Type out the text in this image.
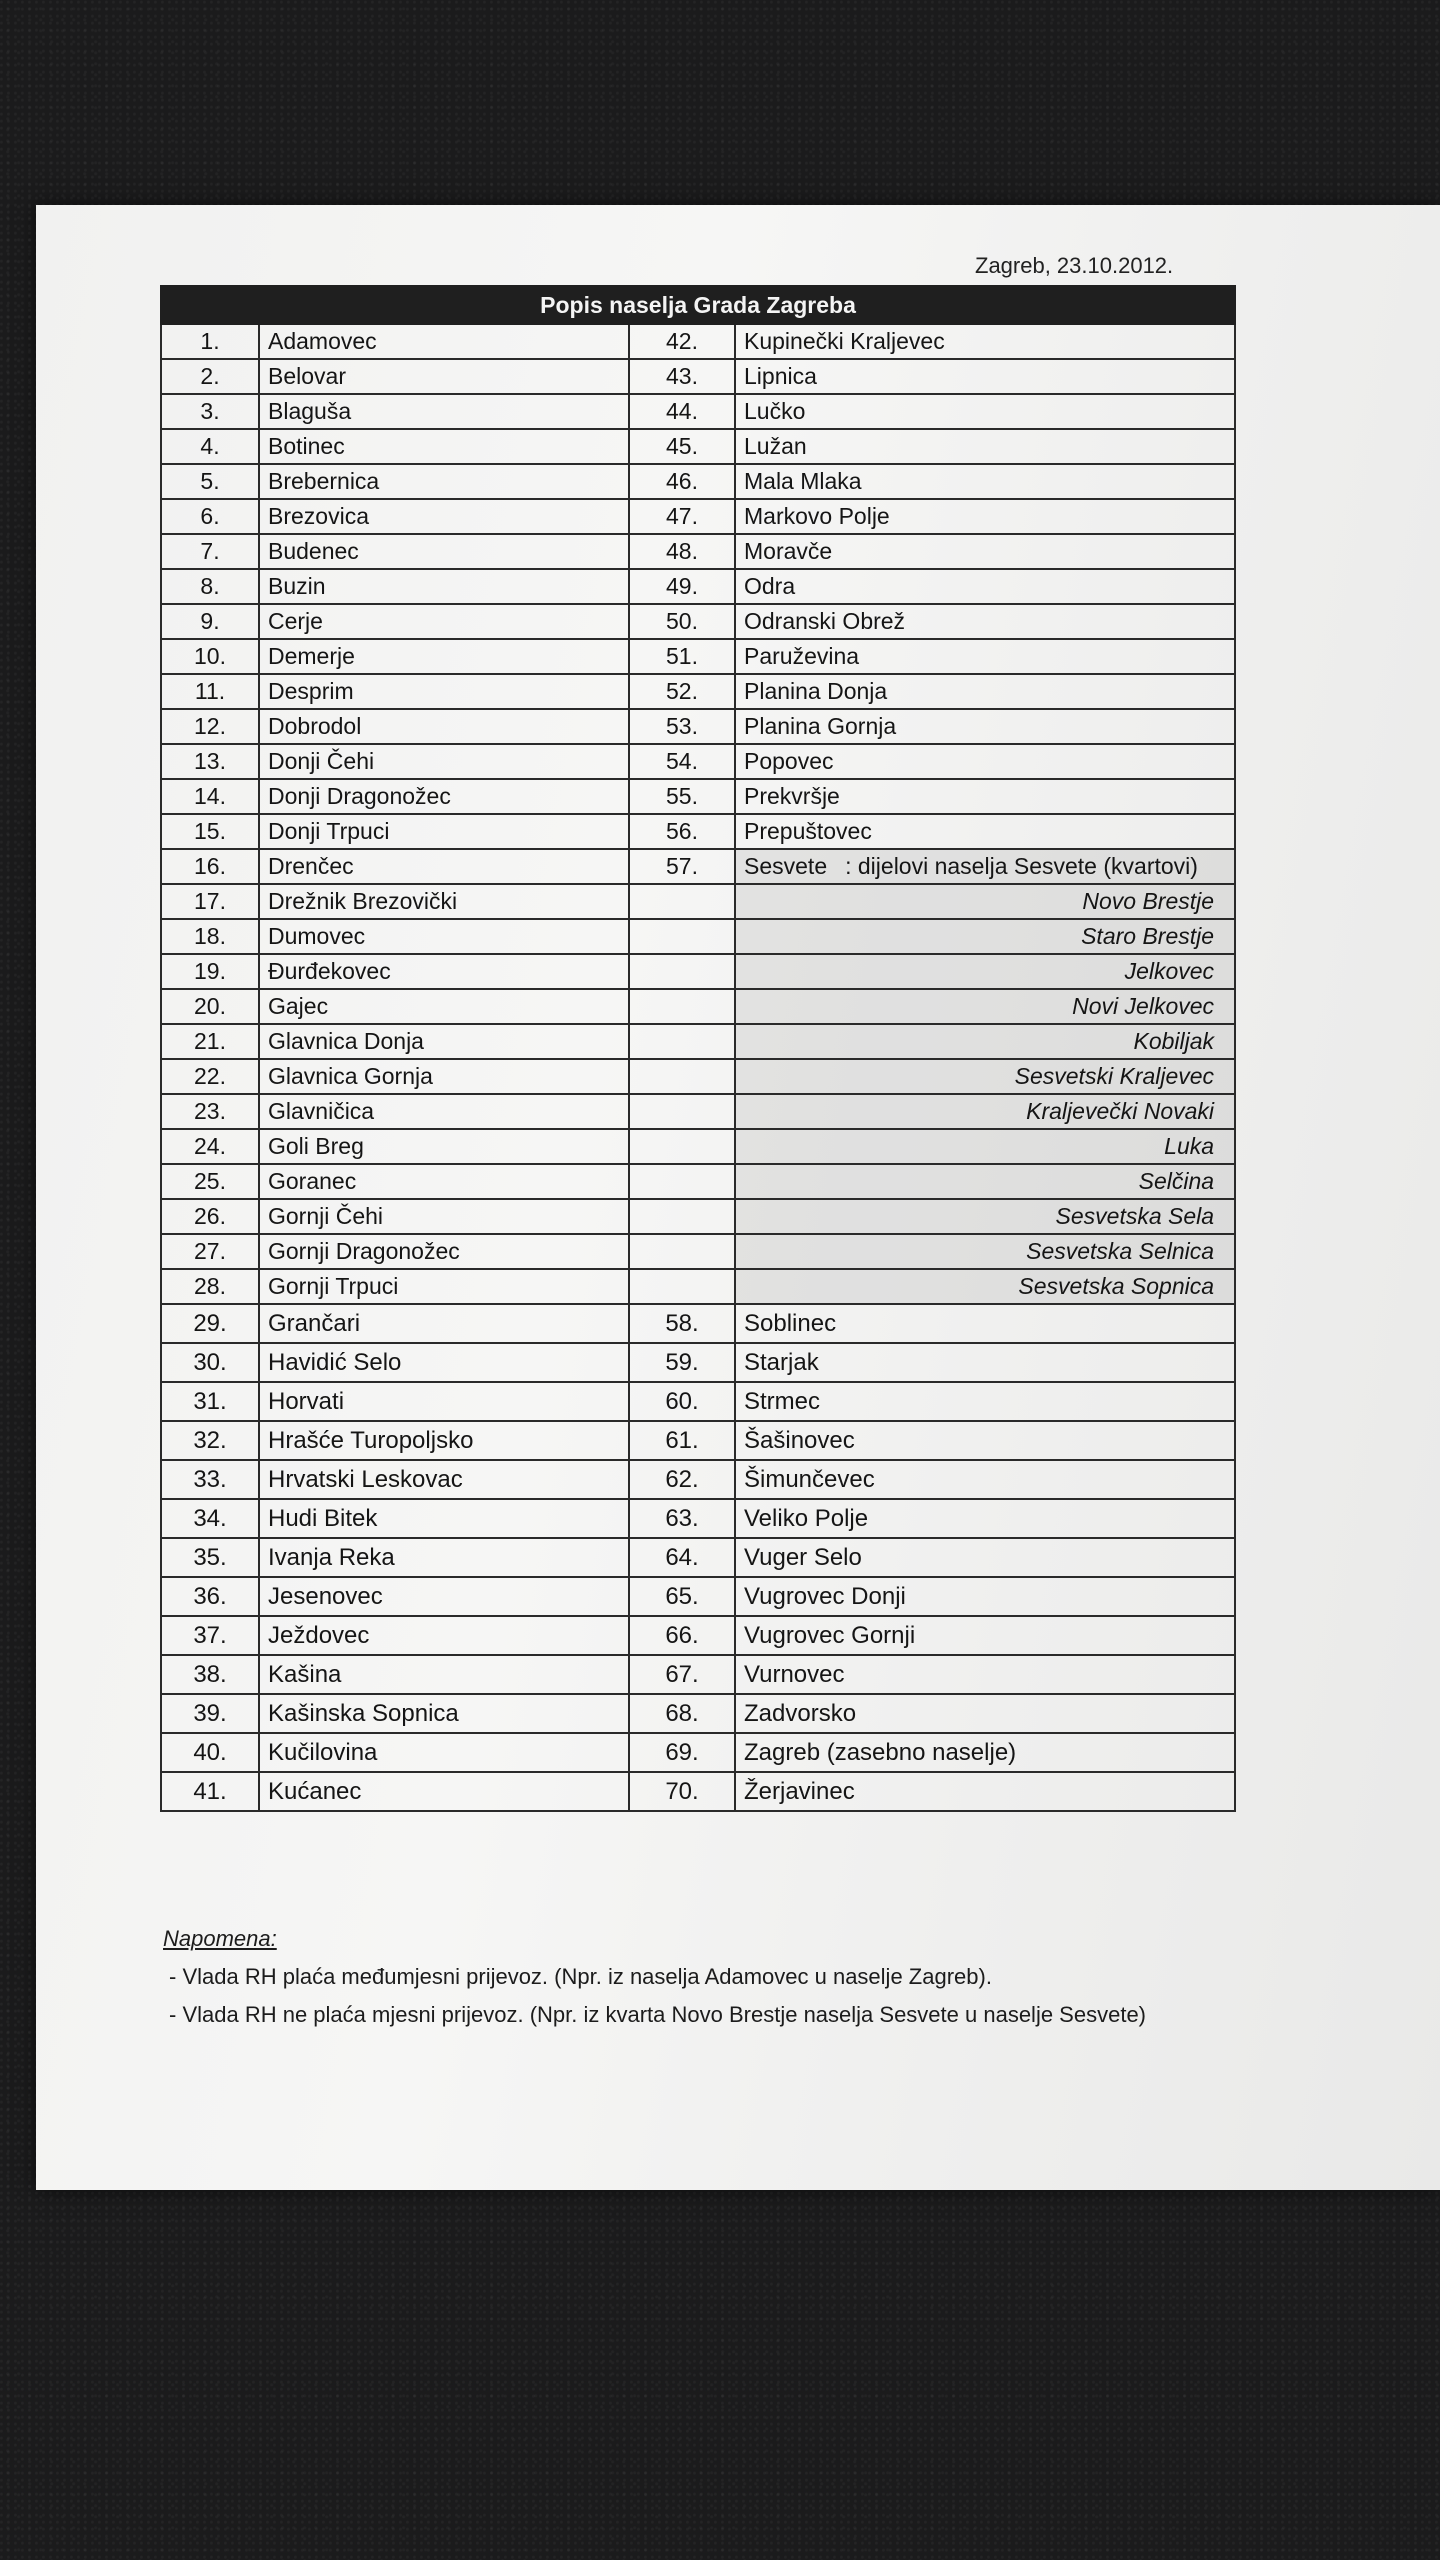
Zagreb, 23.10.2012.
Popis naselja Grada Zagreba			
1.	Adamovec	42.	Kupinečki Kraljevec
2.	Belovar	43.	Lipnica
3.	Blaguša	44.	Lučko
4.	Botinec	45.	Lužan
5.	Brebernica	46.	Mala Mlaka
6.	Brezovica	47.	Markovo Polje
7.	Budenec	48.	Moravče
8.	Buzin	49.	Odra
9.	Cerje	50.	Odranski Obrež
10.	Demerje	51.	Paruževina
11.	Desprim	52.	Planina Donja
12.	Dobrodol	53.	Planina Gornja
13.	Donji Čehi	54.	Popovec
14.	Donji Dragonožec	55.	Prekvršje
15.	Donji Trpuci	56.	Prepuštovec
16.	Drenčec	57.	Sesvete : dijelovi naselja Sesvete (kvartovi)
17.	Drežnik Brezovički		Novo Brestje
18.	Dumovec		Staro Brestje
19.	Đurđekovec		Jelkovec
20.	Gajec		Novi Jelkovec
21.	Glavnica Donja		Kobiljak
22.	Glavnica Gornja		Sesvetski Kraljevec
23.	Glavničica		Kraljevečki Novaki
24.	Goli Breg		Luka
25.	Goranec		Selčina
26.	Gornji Čehi		Sesvetska Sela
27.	Gornji Dragonožec		Sesvetska Selnica
28.	Gornji Trpuci		Sesvetska Sopnica
29.	Grančari	58.	Soblinec
30.	Havidić Selo	59.	Starjak
31.	Horvati	60.	Strmec
32.	Hrašće Turopoljsko	61.	Šašinovec
33.	Hrvatski Leskovac	62.	Šimunčevec
34.	Hudi Bitek	63.	Veliko Polje
35.	Ivanja Reka	64.	Vuger Selo
36.	Jesenovec	65.	Vugrovec Donji
37.	Ježdovec	66.	Vugrovec Gornji
38.	Kašina	67.	Vurnovec
39.	Kašinska Sopnica	68.	Zadvorsko
40.	Kučilovina	69.	Zagreb (zasebno naselje)
41.	Kućanec	70.	Žerjavinec
Napomena:
- Vlada RH plaća međumjesni prijevoz. (Npr. iz naselja Adamovec u naselje Zagreb).
- Vlada RH ne plaća mjesni prijevoz. (Npr. iz kvarta Novo Brestje naselja Sesvete u naselje Sesvete)
